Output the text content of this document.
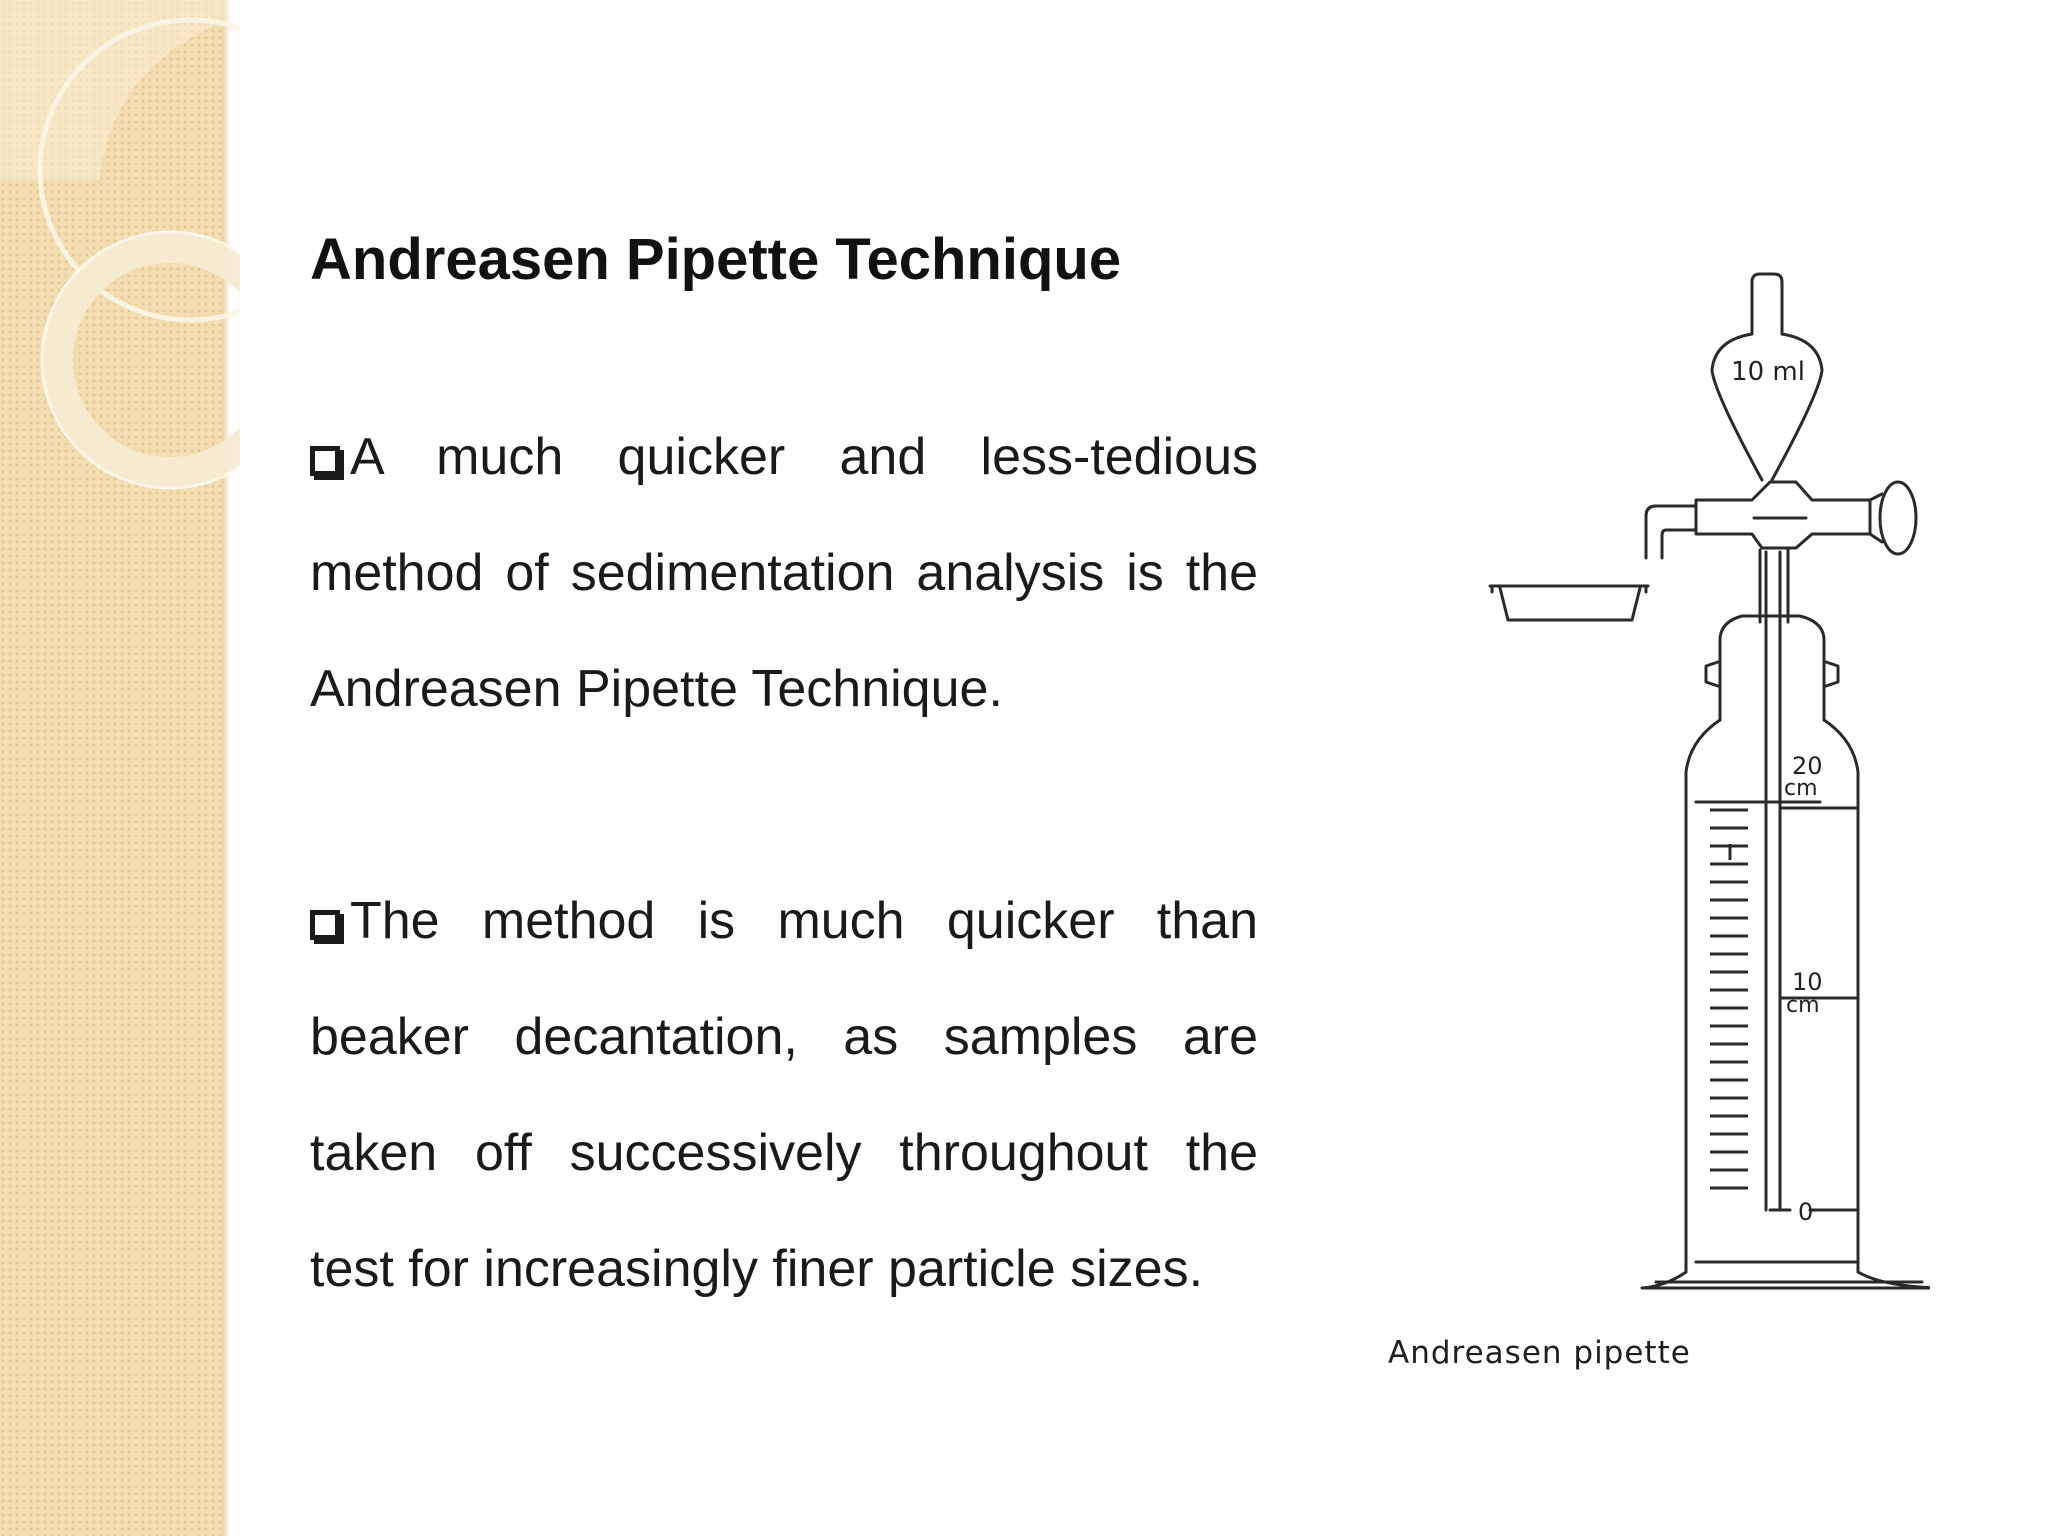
Andreasen Pipette Technique
A much quicker and less-tedious method of sedimentation analysis is the Andreasen Pipette Technique.
The method is much quicker than beaker decantation, as samples are taken off successively throughout the test for increasingly finer particle sizes.
10 ml
20
cm
10
cm
0
Andreasen pipette
